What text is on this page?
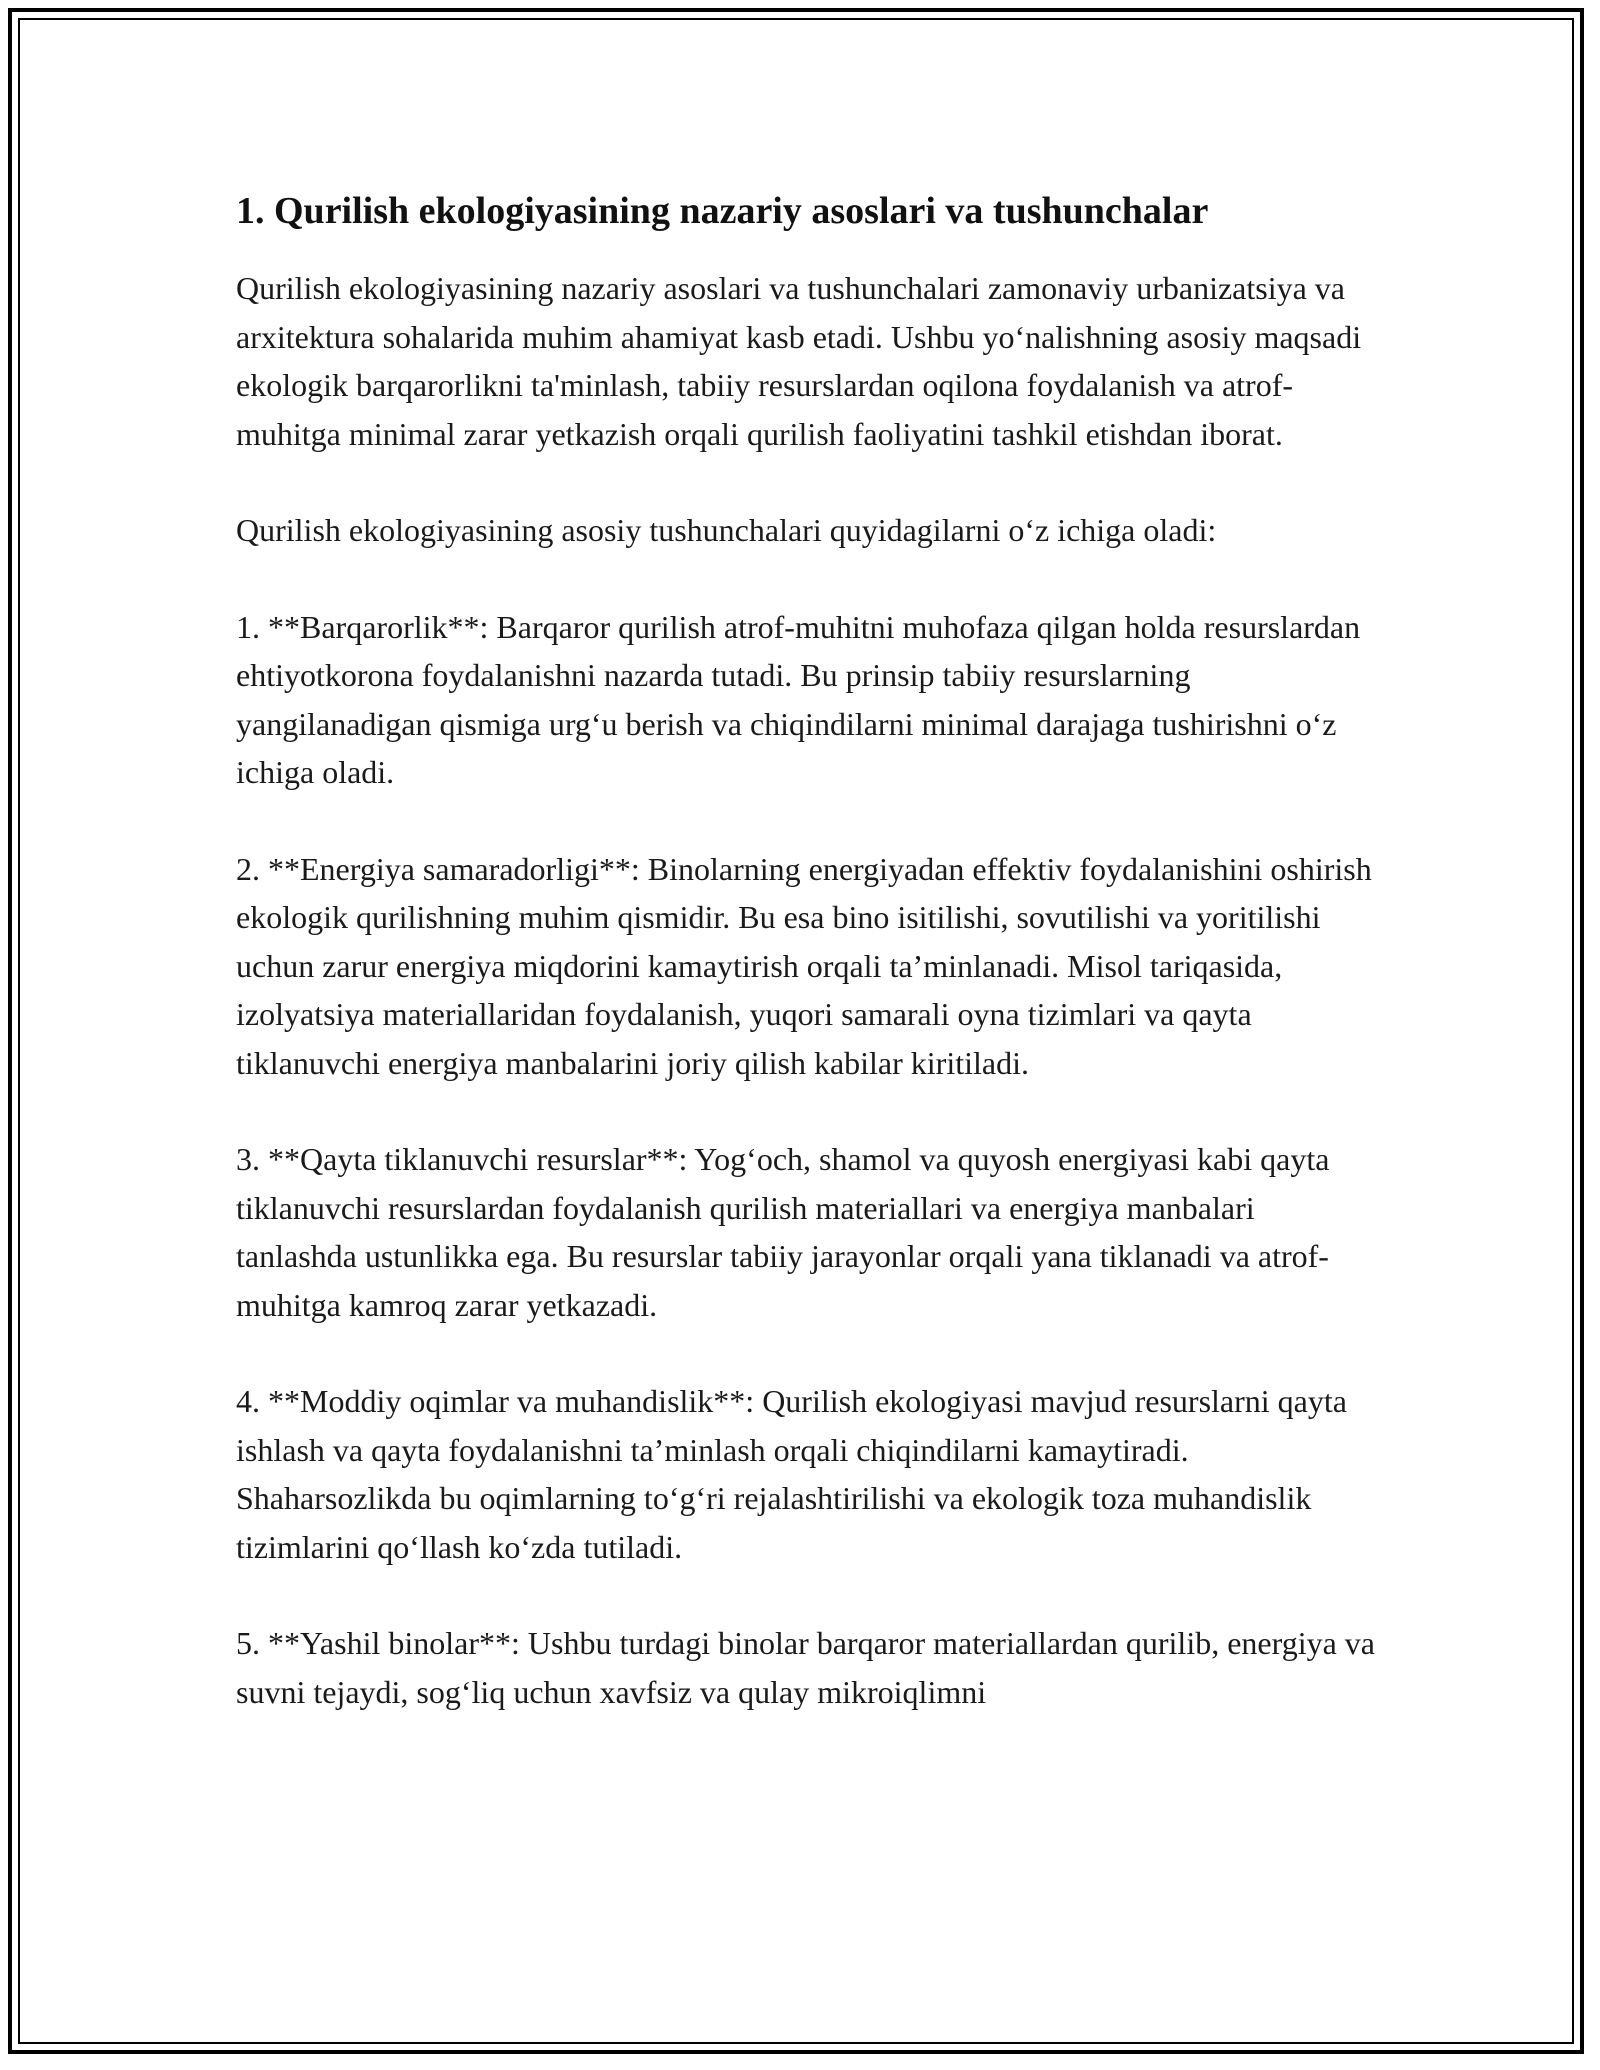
1. Qurilish ekologiyasining nazariy asoslari va tushunchalar

Qurilish ekologiyasining nazariy asoslari va tushunchalari zamonaviy urbanizatsiya va arxitektura sohalarida muhim ahamiyat kasb etadi. Ushbu yo‘nalishning asosiy maqsadi ekologik barqarorlikni ta'minlash, tabiiy resurslardan oqilona foydalanish va atrof-muhitga minimal zarar yetkazish orqali qurilish faoliyatini tashkil etishdan iborat.

Qurilish ekologiyasining asosiy tushunchalari quyidagilarni o‘z ichiga oladi:

1. **Barqarorlik**: Barqaror qurilish atrof-muhitni muhofaza qilgan holda resurslardan ehtiyotkorona foydalanishni nazarda tutadi. Bu prinsip tabiiy resurslarning yangilanadigan qismiga urg‘u berish va chiqindilarni minimal darajaga tushirishni o‘z ichiga oladi.

2. **Energiya samaradorligi**: Binolarning energiyadan effektiv foydalanishini oshirish ekologik qurilishning muhim qismidir. Bu esa bino isitilishi, sovutilishi va yoritilishi uchun zarur energiya miqdorini kamaytirish orqali ta’minlanadi. Misol tariqasida, izolyatsiya materiallaridan foydalanish, yuqori samarali oyna tizimlari va qayta tiklanuvchi energiya manbalarini joriy qilish kabilar kiritiladi.

3. **Qayta tiklanuvchi resurslar**: Yog‘och, shamol va quyosh energiyasi kabi qayta tiklanuvchi resurslardan foydalanish qurilish materiallari va energiya manbalari tanlashda ustunlikka ega. Bu resurslar tabiiy jarayonlar orqali yana tiklanadi va atrof-muhitga kamroq zarar yetkazadi.

4. **Moddiy oqimlar va muhandislik**: Qurilish ekologiyasi mavjud resurslarni qayta ishlash va qayta foydalanishni ta’minlash orqali chiqindilarni kamaytiradi. Shaharsozlikda bu oqimlarning to‘g‘ri rejalashtirilishi va ekologik toza muhandislik tizimlarini qo‘llash ko‘zda tutiladi.

5. **Yashil binolar**: Ushbu turdagi binolar barqaror materiallardan qurilib, energiya va suvni tejaydi, sog‘liq uchun xavfsiz va qulay mikroiqlimni
